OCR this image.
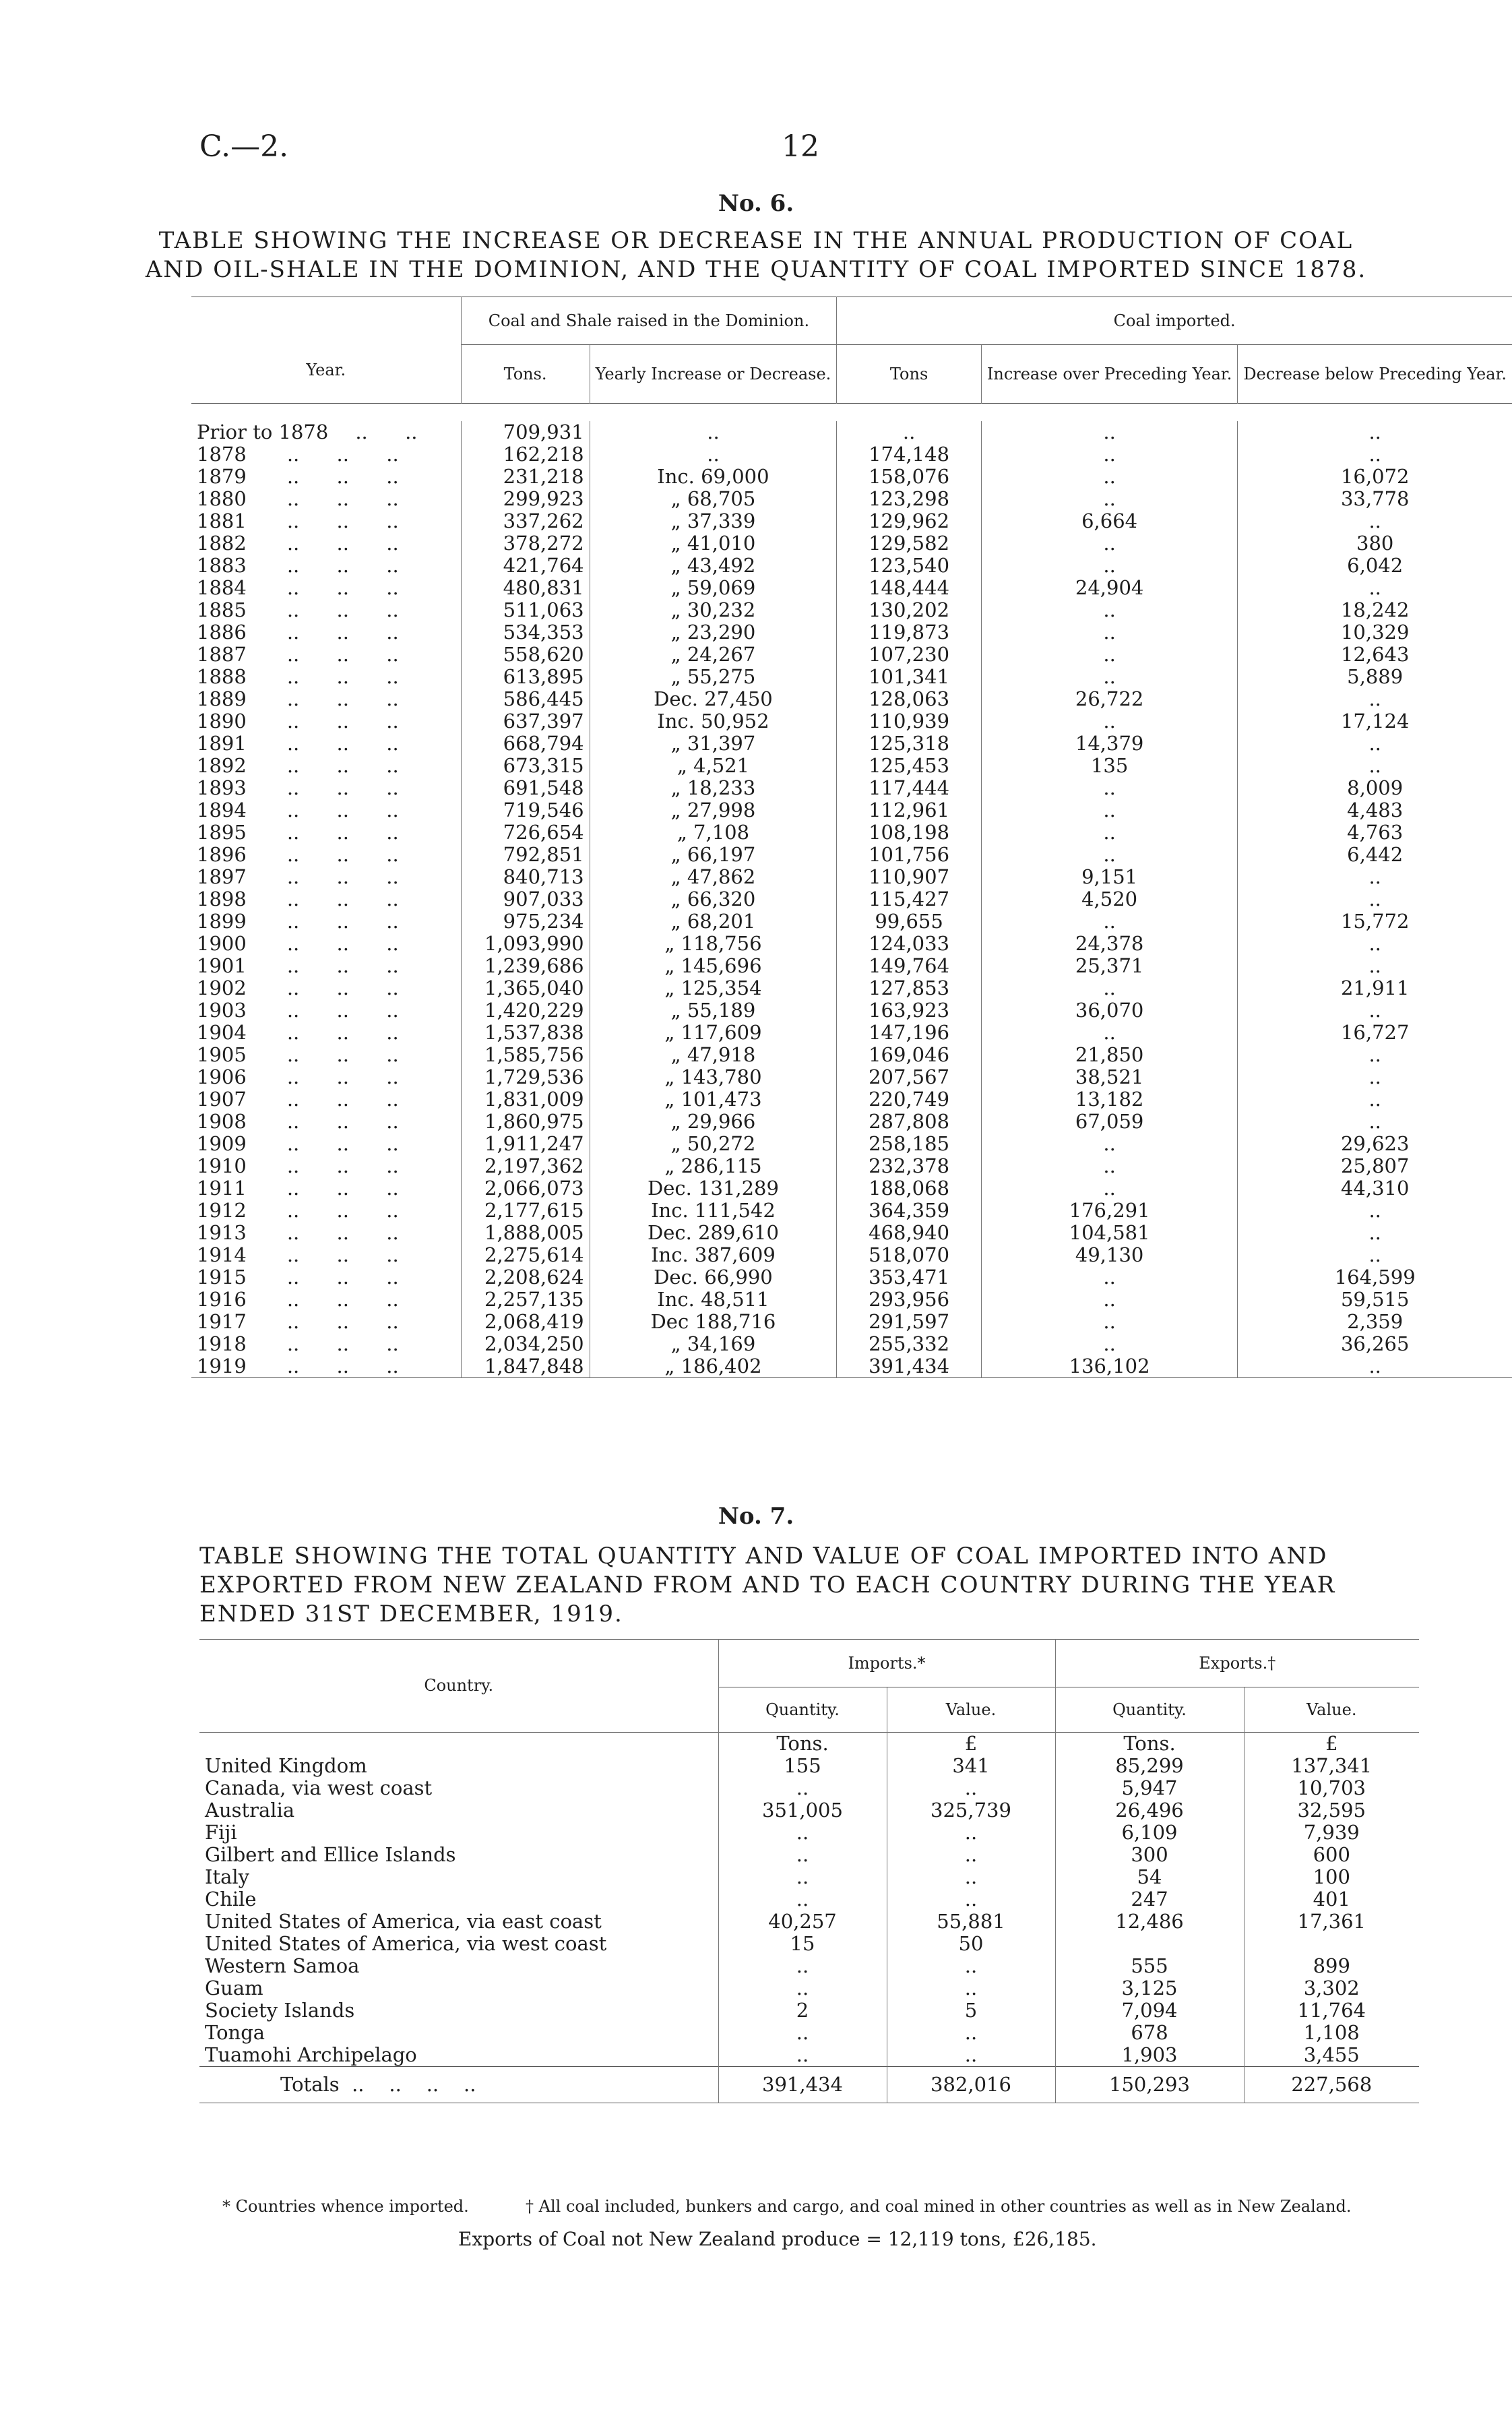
C.—2.	12
No. 6.
TABLE SHOWING THE INCREASE OR DECREASE IN THE ANNUAL PRODUCTION OF COAL AND OIL-SHALE IN THE DOMINION, AND THE QUANTITY OF COAL IMPORTED SINCE 1878.
Year.	Coal and Shale raised in the Dominion.		Coal imported.		
	Tons.	Yearly Increase or Decrease.	Tons	Increase over Preceding Year.	Decrease below Preceding Year.

Prior to 1878 ..      ..	709,931	..	..	..	..
1878 ..      ..      ..	162,218	..	174,148	..	..
1879 ..      ..      ..	231,218	Inc. 69,000	158,076	..	16,072
1880 ..      ..      ..	299,923	„ 68,705	123,298	..	33,778
1881 ..      ..      ..	337,262	„ 37,339	129,962	6,664	..
1882 ..      ..      ..	378,272	„ 41,010	129,582	..	380
1883 ..      ..      ..	421,764	„ 43,492	123,540	..	6,042
1884 ..      ..      ..	480,831	„ 59,069	148,444	24,904	..
1885 ..      ..      ..	511,063	„ 30,232	130,202	..	18,242
1886 ..      ..      ..	534,353	„ 23,290	119,873	..	10,329
1887 ..      ..      ..	558,620	„ 24,267	107,230	..	12,643
1888 ..      ..      ..	613,895	„ 55,275	101,341	..	5,889
1889 ..      ..      ..	586,445	Dec. 27,450	128,063	26,722	..
1890 ..      ..      ..	637,397	Inc. 50,952	110,939	..	17,124
1891 ..      ..      ..	668,794	„ 31,397	125,318	14,379	..
1892 ..      ..      ..	673,315	„ 4,521	125,453	135	..
1893 ..      ..      ..	691,548	„ 18,233	117,444	..	8,009
1894 ..      ..      ..	719,546	„ 27,998	112,961	..	4,483
1895 ..      ..      ..	726,654	„ 7,108	108,198	..	4,763
1896 ..      ..      ..	792,851	„ 66,197	101,756	..	6,442
1897 ..      ..      ..	840,713	„ 47,862	110,907	9,151	..
1898 ..      ..      ..	907,033	„ 66,320	115,427	4,520	..
1899 ..      ..      ..	975,234	„ 68,201	99,655	..	15,772
1900 ..      ..      ..	1,093,990	„ 118,756	124,033	24,378	..
1901 ..      ..      ..	1,239,686	„ 145,696	149,764	25,371	..
1902 ..      ..      ..	1,365,040	„ 125,354	127,853	..	21,911
1903 ..      ..      ..	1,420,229	„ 55,189	163,923	36,070	..
1904 ..      ..      ..	1,537,838	„ 117,609	147,196	..	16,727
1905 ..      ..      ..	1,585,756	„ 47,918	169,046	21,850	..
1906 ..      ..      ..	1,729,536	„ 143,780	207,567	38,521	..
1907 ..      ..      ..	1,831,009	„ 101,473	220,749	13,182	..
1908 ..      ..      ..	1,860,975	„ 29,966	287,808	67,059	..
1909 ..      ..      ..	1,911,247	„ 50,272	258,185	..	29,623
1910 ..      ..      ..	2,197,362	„ 286,115	232,378	..	25,807
1911 ..      ..      ..	2,066,073	Dec. 131,289	188,068	..	44,310
1912 ..      ..      ..	2,177,615	Inc. 111,542	364,359	176,291	..
1913 ..      ..      ..	1,888,005	Dec. 289,610	468,940	104,581	..
1914 ..      ..      ..	2,275,614	Inc. 387,609	518,070	49,130	..
1915 ..      ..      ..	2,208,624	Dec. 66,990	353,471	..	164,599
1916 ..      ..      ..	2,257,135	Inc. 48,511	293,956	..	59,515
1917 ..      ..      ..	2,068,419	Dec 188,716	291,597	..	2,359
1918 ..      ..      ..	2,034,250	„ 34,169	255,332	..	36,265
1919 ..      ..      ..	1,847,848	„ 186,402	391,434	136,102	..

No. 7.
TABLE SHOWING THE TOTAL QUANTITY AND VALUE OF COAL IMPORTED INTO AND EXPORTED FROM NEW ZEALAND FROM AND TO EACH COUNTRY DURING THE YEAR ENDED 31ST DECEMBER, 1919.
Country.	Imports.*		Exports.†	
	Quantity.	Value.	Quantity.	Value.
	Tons.	£	Tons.	£
United Kingdom	155	341	85,299	137,341
Canada, via west coast	..	..	5,947	10,703
Australia	351,005	325,739	26,496	32,595
Fiji	..	..	6,109	7,939
Gilbert and Ellice Islands	..	..	300	600
Italy	..	..	54	100
Chile	..	..	247	401
United States of America, via east coast	40,257	55,881	12,486	17,361
United States of America, via west coast	15	50		
Western Samoa	..	..	555	899
Guam	..	..	3,125	3,302
Society Islands	2	5	7,094	11,764
Tonga	..	..	678	1,108
Tuamohi Archipelago	..	..	1,903	3,455
Totals  ..    ..    ..    ..	391,434	382,016	150,293	227,568

* Countries whence imported.	† All coal included, bunkers and cargo, and coal mined in other countries as well as in New Zealand.
Exports of Coal not New Zealand produce = 12,119 tons, £26,185.
